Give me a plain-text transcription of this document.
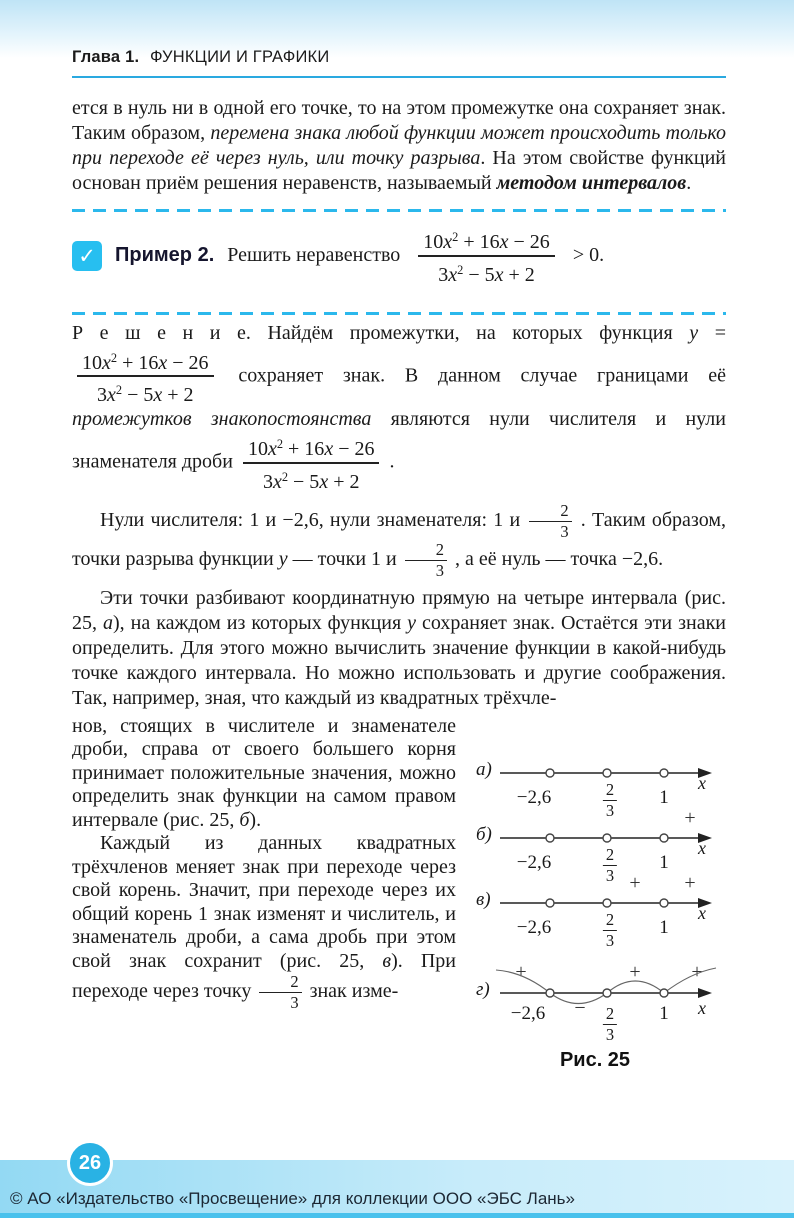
Глава 1. ФУНКЦИИ И ГРАФИКИ

ется в нуль ни в одной его точке, то на этом промежутке она сохраняет знак. Таким образом, перемена знака любой функции может происходить только при переходе её через нуль, или точку разрыва. На этом свойстве функций основан приём решения неравенств, называемый методом интервалов.

✓ Пример 2. Решить неравенство $\frac{10x^2 + 16x - 26}{3x^2 - 5x + 2} > 0$.

Р е ш е н и е. Найдём промежутки, на которых функция y =
$\frac{10x^2 + 16x - 26}{3x^2 - 5x + 2}$ сохраняет знак. В данном случае границами её промежутков знакопостоянства являются нули числителя и нули знаменателя дроби $\frac{10x^2 + 16x - 26}{3x^2 - 5x + 2}$ .

Нули числителя: 1 и −2,6, нули знаменателя: 1 и $\frac{2}{3}$ . Таким образом, точки разрыва функции y — точки 1 и $\frac{2}{3}$ , а её нуль — точка −2,6.

Эти точки разбивают координатную прямую на четыре интервала (рис. 25, а), на каждом из которых функция y сохраняет знак. Остаётся эти знаки определить. Для этого можно вычислить значение функции в какой-нибудь точке каждого интервала. Но можно использовать и другие соображения. Так, например, зная, что каждый из квадратных трёхчле-

нов, стоящих в числителе и знаменателе дроби, справа от своего большего корня принимает положительные значения, можно определить знак функции на самом правом интервале (рис. 25, б).

Каждый из данных квадратных трёхчленов меняет знак при переходе через свой корень. Значит, при переходе через их общий корень 1 знак изменят и числитель, и знаменатель дроби, а сама дробь при этом свой знак сохранит (рис. 25, в). При переходе через точку $\frac{2}{3}$ знак изме-

а)
x
−2,6	$\frac{2}{3} 1$
+
б)
x
−2,6	$\frac{2}{3} 1$
+ +
в)
x
−2,6	$\frac{2}{3} 1$
+	+	+
г)
−	x
−2,6	$\frac{2}{3} 1$
Рис. 25
26
© АО «Издательство «Просвещение» для коллекции ООО «ЭБС Лань»
